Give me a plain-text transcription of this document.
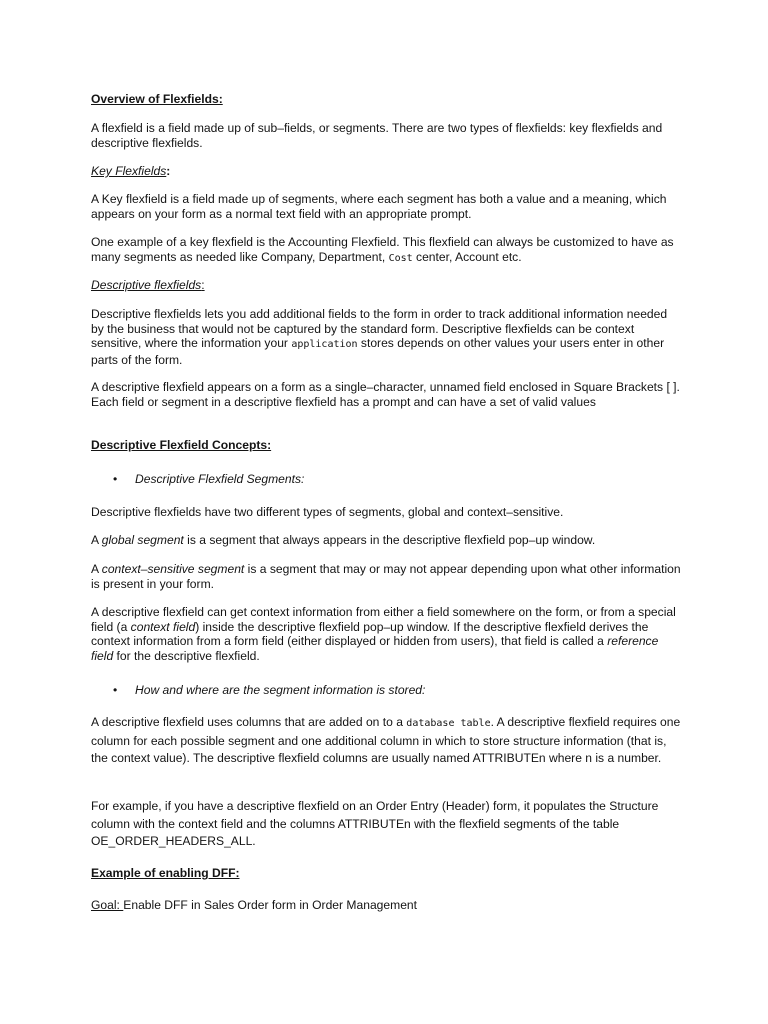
Overview of Flexfields:

A flexfield is a field made up of sub–fields, or segments. There are two types of flexfields: key flexfields and descriptive flexfields.

Key Flexfields:

A Key flexfield is a field made up of segments, where each segment has both a value and a meaning, which appears on your form as a normal text field with an appropriate prompt.

One example of a key flexfield is the Accounting Flexfield. This flexfield can always be customized to have as many segments as needed like Company, Department, Cost center, Account etc.

Descriptive flexfields:

Descriptive flexfields lets you add additional fields to the form in order to track additional information needed by the business that would not be captured by the standard form. Descriptive flexfields can be context sensitive, where the information your application stores depends on other values your users enter in other parts of the form.

A descriptive flexfield appears on a form as a single–character, unnamed field enclosed in Square Brackets [ ]. Each field or segment in a descriptive flexfield has a prompt and can have a set of valid values

Descriptive Flexfield Concepts:

• Descriptive Flexfield Segments:

Descriptive flexfields have two different types of segments, global and context–sensitive.

A global segment is a segment that always appears in the descriptive flexfield pop–up window.

A context–sensitive segment is a segment that may or may not appear depending upon what other information is present in your form.

A descriptive flexfield can get context information from either a field somewhere on the form, or from a special field (a context field) inside the descriptive flexfield pop–up window. If the descriptive flexfield derives the context information from a form field (either displayed or hidden from users), that field is called a reference field for the descriptive flexfield.

• How and where are the segment information is stored:

A descriptive flexfield uses columns that are added on to a database table. A descriptive flexfield requires one column for each possible segment and one additional column in which to store structure information (that is, the context value). The descriptive flexfield columns are usually named ATTRIBUTEn where n is a number.

For example, if you have a descriptive flexfield on an Order Entry (Header) form, it populates the Structure column with the context field and the columns ATTRIBUTEn with the flexfield segments of the table OE_ORDER_HEADERS_ALL.

Example of enabling DFF:

Goal: Enable DFF in Sales Order form in Order Management
